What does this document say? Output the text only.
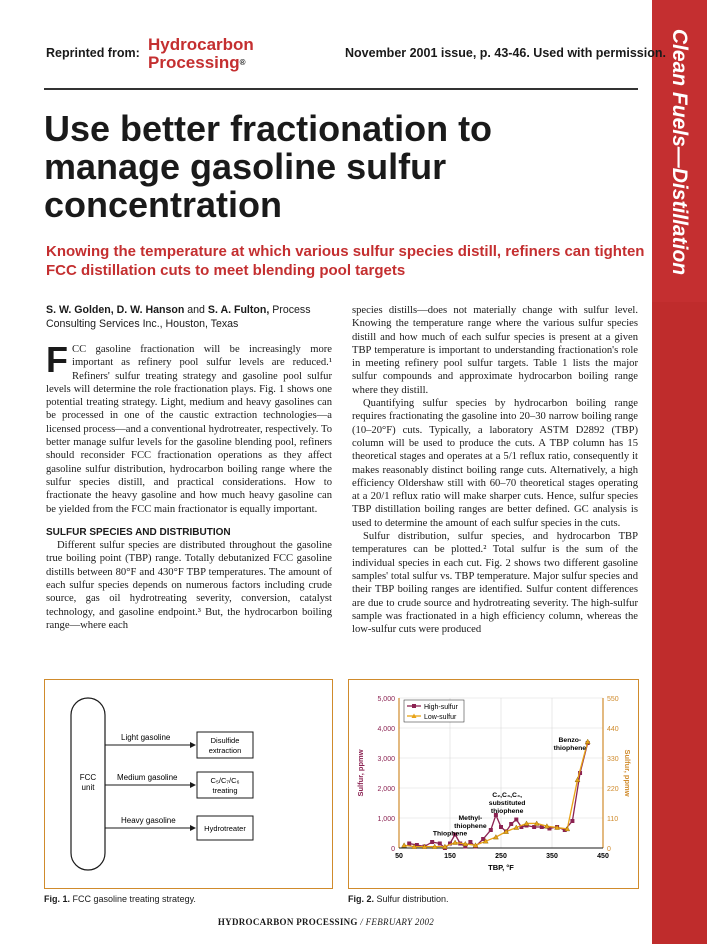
Clean Fuels—Distillation
Reprinted from: Hydrocarbon
Processing®
November 2001 issue, p. 43-46. Used with permission.
Use better fractionation to manage gasoline sulfur concentration
Knowing the temperature at which various sulfur species distill, refiners can tighten FCC distillation cuts to meet blending pool targets

S. W. Golden, D. W. Hanson and S. A. Fulton, Process Consulting Services Inc., Houston, Texas

FCC gasoline fractionation will be increasingly more important as refinery pool sulfur levels are reduced.¹ Refiners' sulfur treating strategy and gasoline pool sulfur levels will determine the role fractionation plays. Fig. 1 shows one potential treating strategy. Light, medium and heavy gasolines can be processed in one of the caustic extraction technologies—a licensed process—and a conventional hydrotreater, respectively. To better manage sulfur levels for the gasoline blending pool, refiners should reconsider FCC fractionation operations as they affect gasoline sulfur distribution, hydrocarbon boiling range where the sulfur species distill, and practical considerations. How to fractionate the heavy gasoline and how much heavy gasoline can be yielded from the FCC main fractionator is equally important.

SULFUR SPECIES AND DISTRIBUTION

Different sulfur species are distributed throughout the gasoline true boiling point (TBP) range. Totally debutanized FCC gasoline distills between 80°F and 430°F TBP temperatures. The amount of each sulfur species depends on numerous factors including crude source, gas oil hydrotreating severity, conversion, catalyst technology, and gasoline endpoint.³ But, the hydrocarbon boiling range—where each

species distills—does not materially change with sulfur level. Knowing the temperature range where the various sulfur species distill and how much of each sulfur species is present at a given TBP temperature is important to understanding fractionation's role in meeting refinery pool sulfur targets. Table 1 lists the major sulfur compounds and approximate hydrocarbon boiling range where they distill.

Quantifying sulfur species by hydrocarbon boiling range requires fractionating the gasoline into 20–30 narrow boiling range (10–20°F) cuts. Typically, a laboratory ASTM D2892 (TBP) column will be used to produce the cuts. A TBP column has 15 theoretical stages and operates at a 5/1 reflux ratio, consequently it makes reasonably distinct boiling range cuts. Alternatively, a high efficiency Oldershaw still with 60–70 theoretical stages operating at a 20/1 reflux ratio will make sharper cuts. Hence, sulfur species TBP distillation boiling ranges are better defined. GC analysis is used to determine the amount of each sulfur species in the cuts.

Sulfur distribution, sulfur species, and hydrocarbon TBP temperatures can be plotted.² Total sulfur is the sum of the individual species in each cut. Fig. 2 shows two different gasoline samples' total sulfur vs. TBP temperature. Major sulfur species and their TBP boiling ranges are identified. Sulfur content differences are due to crude source and hydrotreating severity. The high-sulfur sample was fractionated in a high efficiency column, whereas the low-sulfur cuts were produced

FCC
unit
Light gasoline
Medium gasoline
Heavy gasoline
Disulfide
extraction
C₅/C₇/C₆
treating
Hydrotreater
Fig. 1. FCC gasoline treating strategy.
0
1,000
2,000
3,000
4,000
5,000
0
110
220
330
440
550
50	150	250	350	450
TBP, °F
Sulfur, ppmw	Sulfur, ppmw
High-sulfur
Low-sulfur
Thiophene
Methyl-
thiophene
C₂,C₃,C₄,
substituted
thiophene
Benzo-
thiophene
Fig. 2. Sulfur distribution.
HYDROCARBON PROCESSING / FEBRUARY 2002
